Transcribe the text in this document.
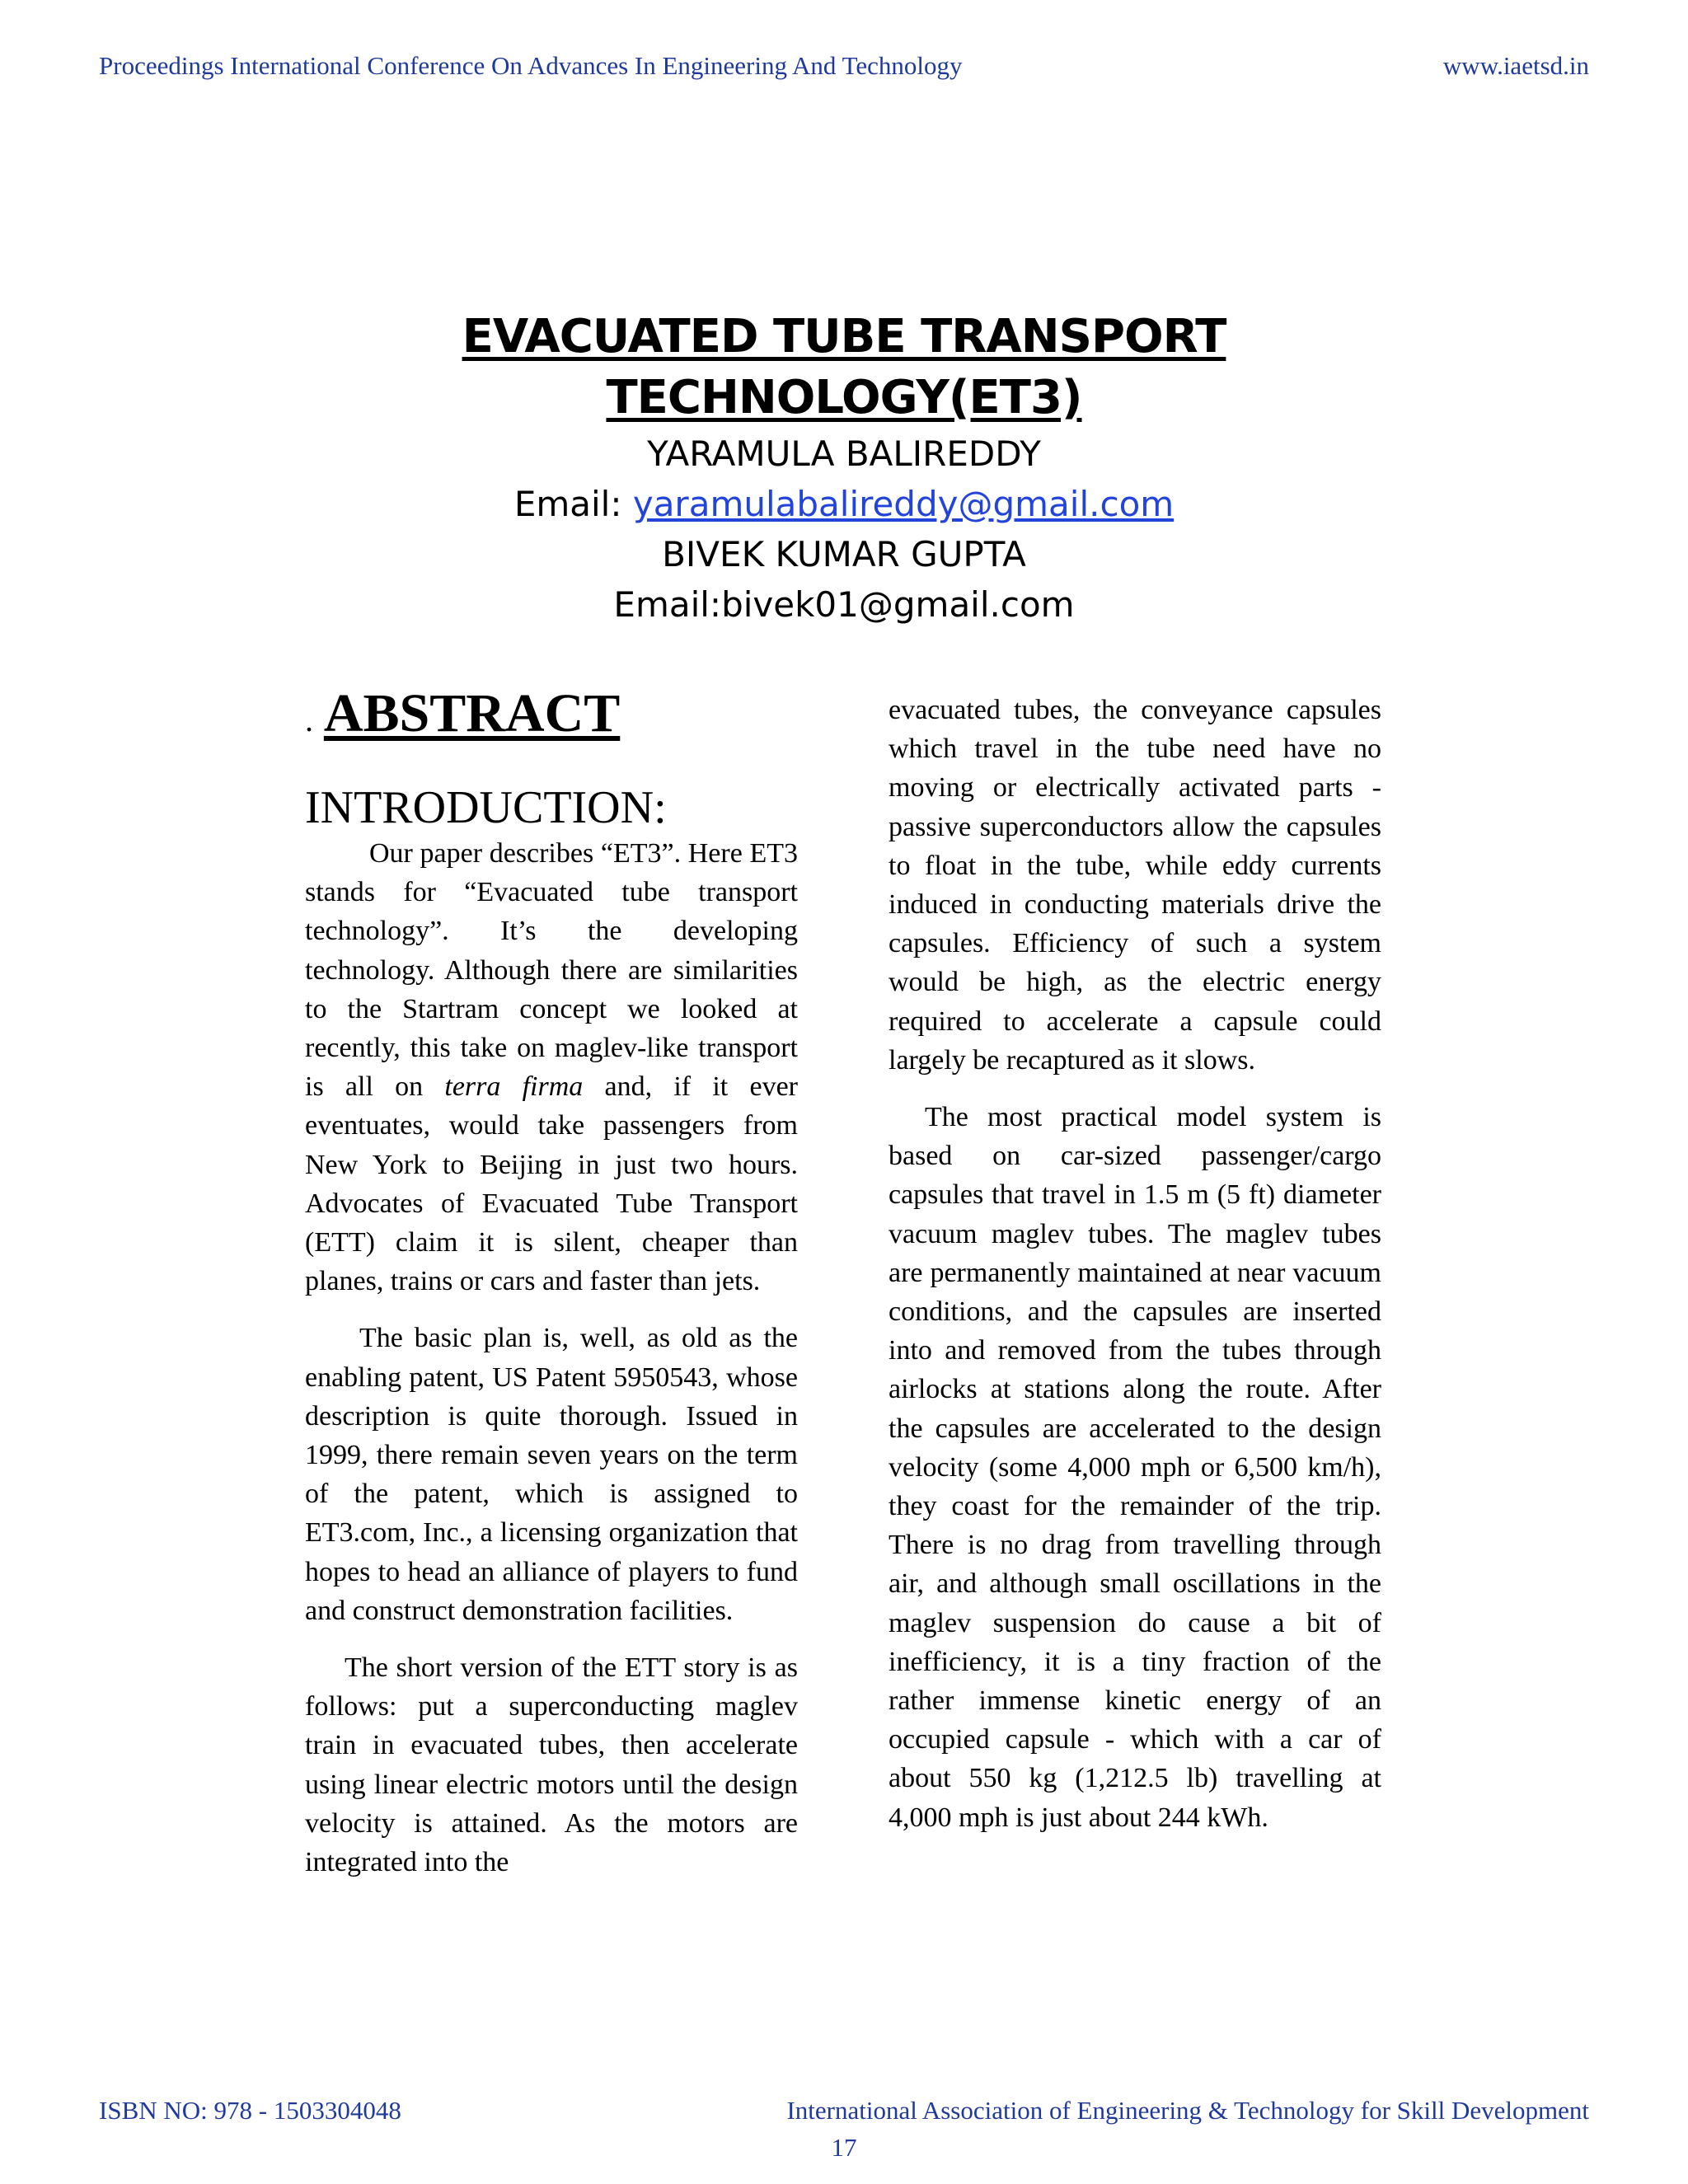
Proceedings International Conference On Advances In Engineering And Technology	www.iaetsd.in
EVACUATED TUBE TRANSPORT
TECHNOLOGY(ET3)
YARAMULA BALIREDDY
Email: yaramulabalireddy@gmail.com
BIVEK KUMAR GUPTA
Email:bivek01@gmail.com
. ABSTRACT
INTRODUCTION:

Our paper describes “ET3”. Here ET3 stands for “Evacuated tube transport technology”. It’s the developing technology. Although there are similarities to the Startram concept we looked at recently, this take on maglev-like transport is all on terra firma and, if it ever eventuates, would take passengers from New York to Beijing in just two hours. Advocates of Evacuated Tube Transport (ETT) claim it is silent, cheaper than planes, trains or cars and faster than jets.

The basic plan is, well, as old as the enabling patent, US Patent 5950543, whose description is quite thorough. Issued in 1999, there remain seven years on the term of the patent, which is assigned to ET3.com, Inc., a licensing organization that hopes to head an alliance of players to fund and construct demonstration facilities.

The short version of the ETT story is as follows: put a superconducting maglev train in evacuated tubes, then accelerate using linear electric motors until the design velocity is attained. As the motors are integrated into the

evacuated tubes, the conveyance capsules which travel in the tube need have no moving or electrically activated parts - passive superconductors allow the capsules to float in the tube, while eddy currents induced in conducting materials drive the capsules. Efficiency of such a system would be high, as the electric energy required to accelerate a capsule could largely be recaptured as it slows.

The most practical model system is based on car-sized passenger/cargo capsules that travel in 1.5 m (5 ft) diameter vacuum maglev tubes. The maglev tubes are permanently maintained at near vacuum conditions, and the capsules are inserted into and removed from the tubes through airlocks at stations along the route. After the capsules are accelerated to the design velocity (some 4,000 mph or 6,500 km/h), they coast for the remainder of the trip. There is no drag from travelling through air, and although small oscillations in the maglev suspension do cause a bit of inefficiency, it is a tiny fraction of the rather immense kinetic energy of an occupied capsule - which with a car of about 550 kg (1,212.5 lb) travelling at 4,000 mph is just about 244 kWh.

ISBN NO: 978 - 1503304048	International Association of Engineering & Technology for Skill Development
17
